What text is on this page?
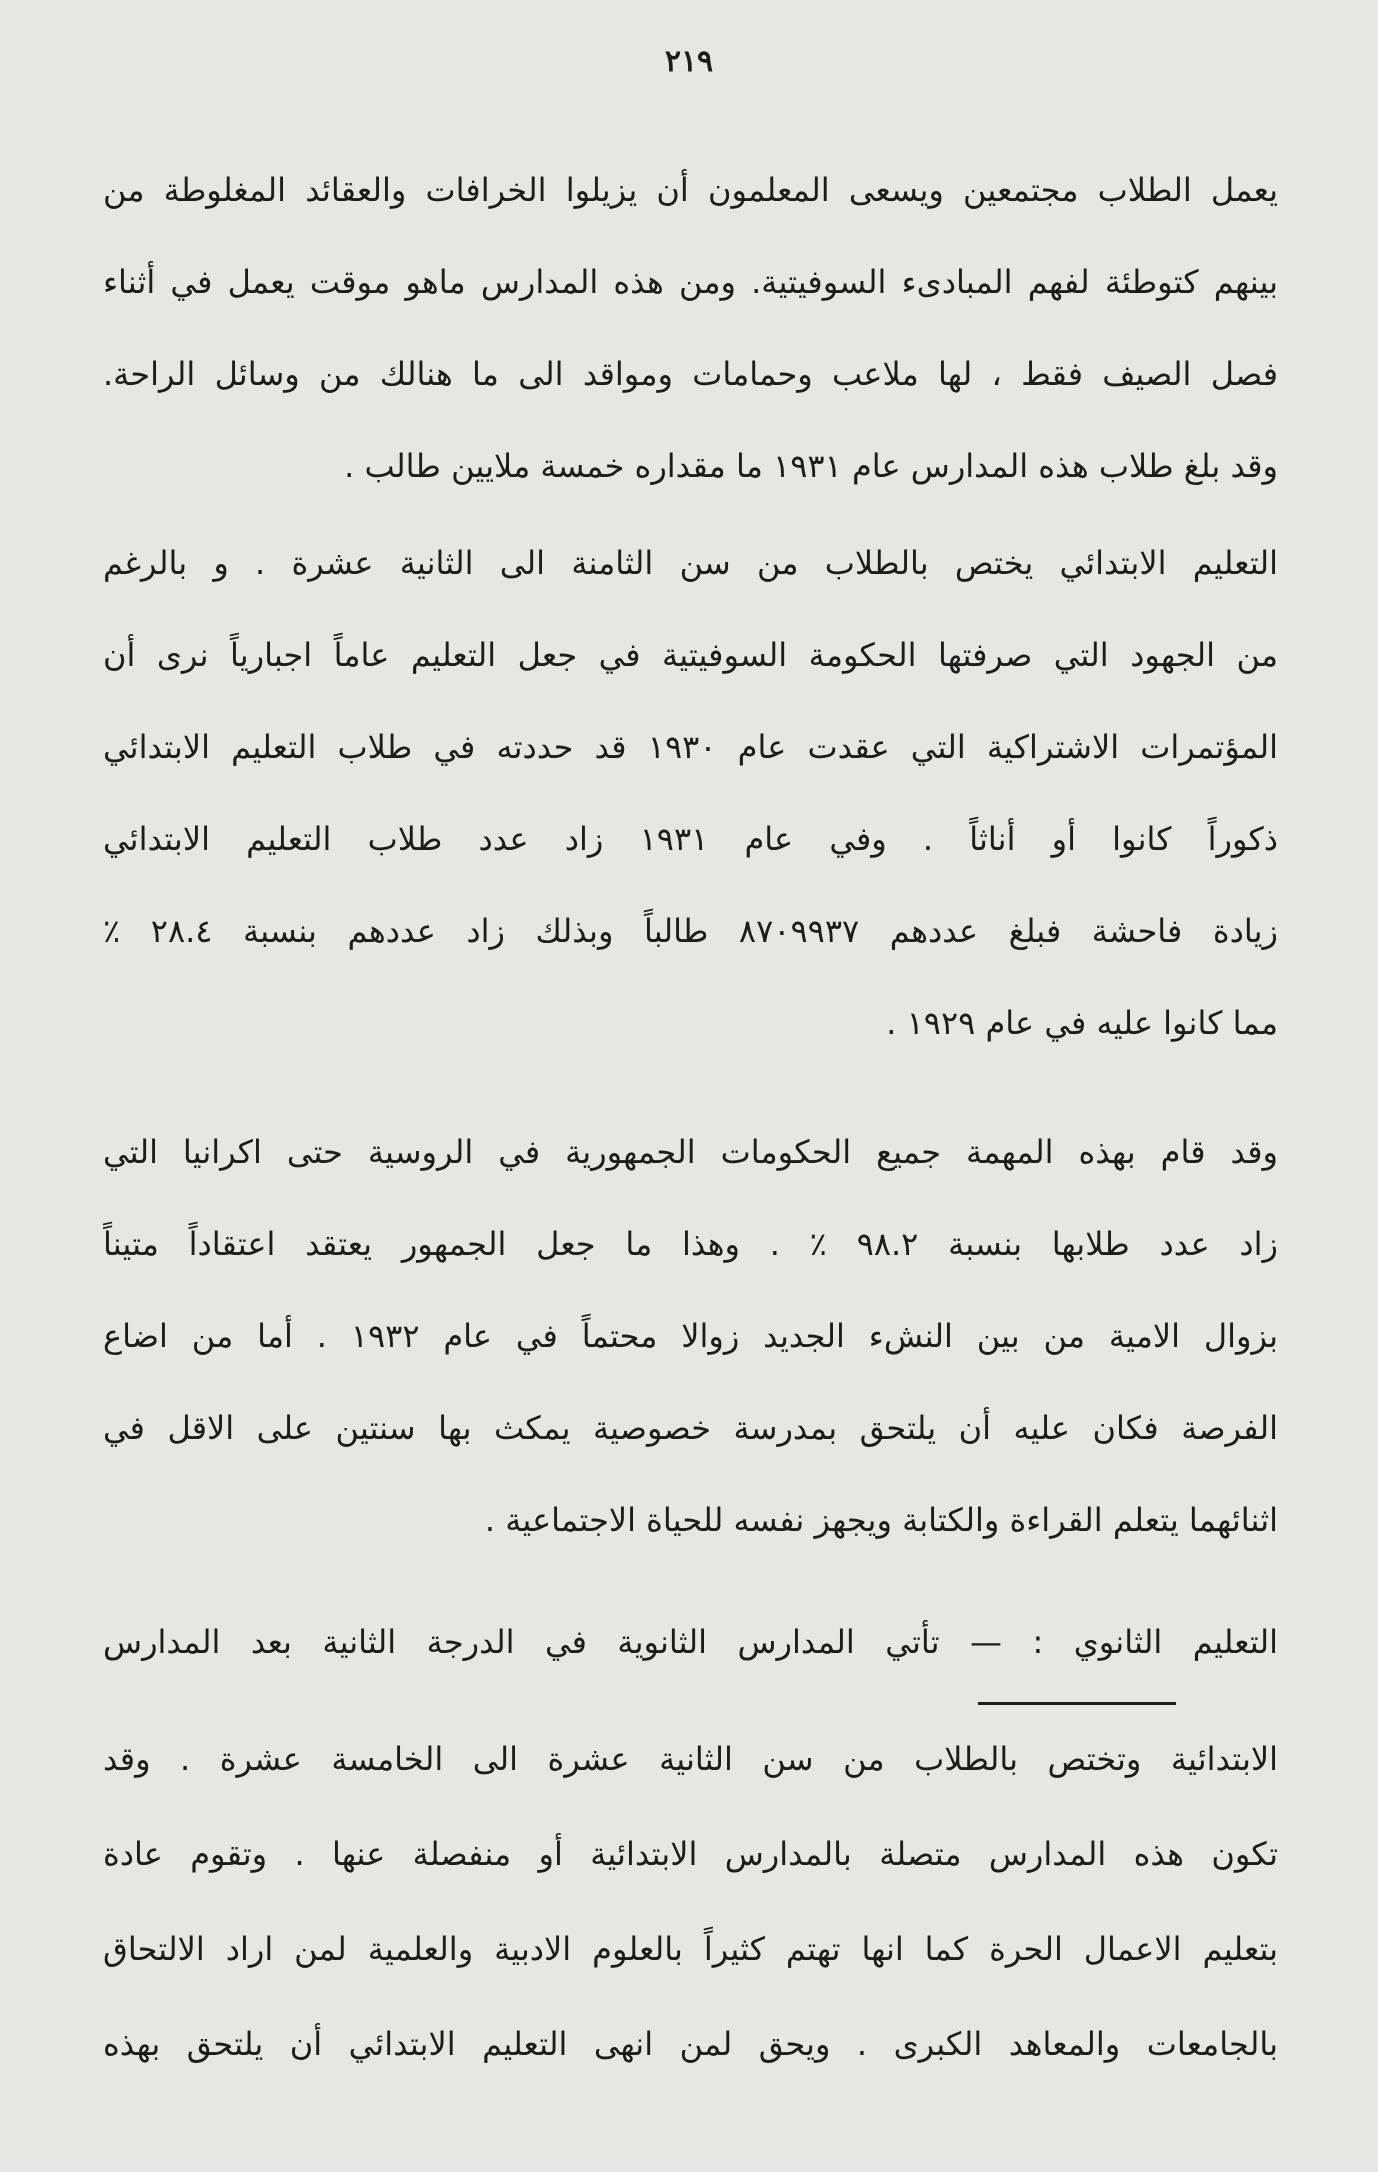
٢١٩
يعمل الطلاب مجتمعين ويسعى المعلمون أن يزيلوا الخرافات والعقائد المغلوطة من
بينهم كتوطئة لفهم المبادىء السوفيتية. ومن هذه المدارس ماهو موقت يعمل في أثناء
فصل الصيف فقط ، لها ملاعب وحمامات ومواقد الى ما هنالك من وسائل الراحة.
وقد بلغ طلاب هذه المدارس عام ١٩٣١ ما مقداره خمسة ملايين طالب .
التعليم الابتدائي يختص بالطلاب من سن الثامنة الى الثانية عشرة . و بالرغم
من الجهود التي صرفتها الحكومة السوفيتية في جعل التعليم عاماً اجبارياً نرى أن
المؤتمرات الاشتراكية التي عقدت عام ١٩٣٠ قد حددته في طلاب التعليم الابتدائي
ذكوراً كانوا أو أناثاً . وفي عام ١٩٣١ زاد عدد طلاب التعليم الابتدائي
زيادة فاحشة فبلغ عددهم ٨٧٠٩٩٣٧ طالباً وبذلك زاد عددهم بنسبة ٢٨.٤ ٪
مما كانوا عليه في عام ١٩٢٩ .
وقد قام بهذه المهمة جميع الحكومات الجمهورية في الروسية حتى اكرانيا التي
زاد عدد طلابها بنسبة ٩٨.٢ ٪ . وهذا ما جعل الجمهور يعتقد اعتقاداً متيناً
بزوال الامية من بين النشء الجديد زوالا محتماً في عام ١٩٣٢ . أما من اضاع
الفرصة فكان عليه أن يلتحق بمدرسة خصوصية يمكث بها سنتين على الاقل في
اثنائهما يتعلم القراءة والكتابة ويجهز نفسه للحياة الاجتماعية .
التعليم الثانوي : — تأتي المدارس الثانوية في الدرجة الثانية بعد المدارس
الابتدائية وتختص بالطلاب من سن الثانية عشرة الى الخامسة عشرة . وقد
تكون هذه المدارس متصلة بالمدارس الابتدائية أو منفصلة عنها . وتقوم عادة
بتعليم الاعمال الحرة كما انها تهتم كثيراً بالعلوم الادبية والعلمية لمن اراد الالتحاق
بالجامعات والمعاهد الكبرى . ويحق لمن انهى التعليم الابتدائي أن يلتحق بهذه
